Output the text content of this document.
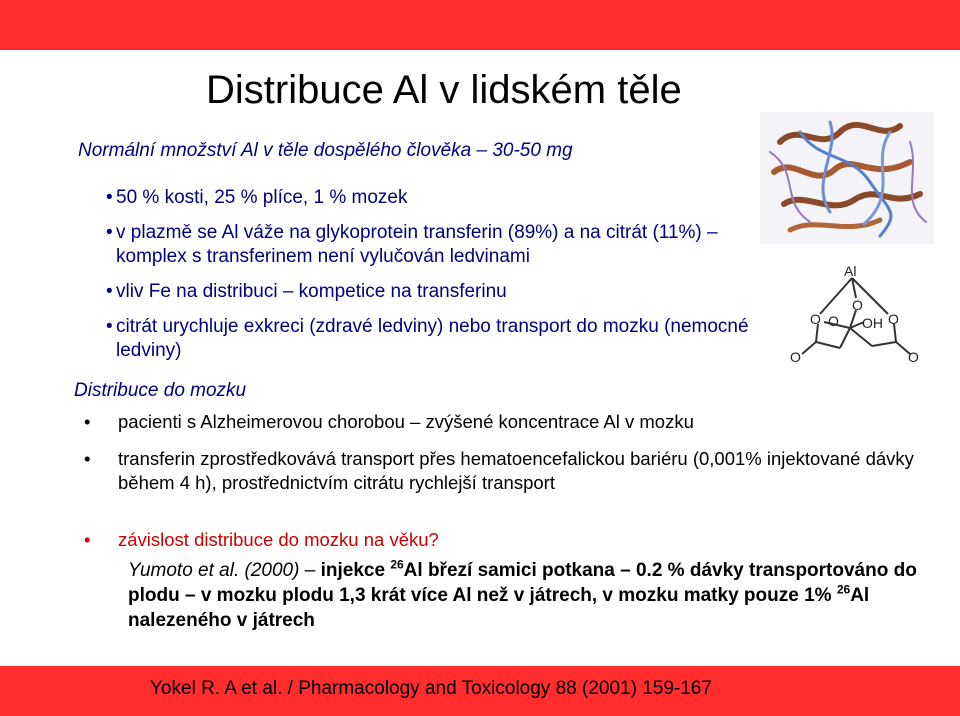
Distribuce Al v lidském těle
Normální množství Al v těle dospělého člověka – 30-50 mg
• 50 % kosti, 25 % plíce, 1 % mozek
• v plazmě se Al váže na glykoprotein transferin (89%) a na citrát (11%) – komplex s transferinem není vylučován ledvinami
• vliv Fe na distribuci – kompetice na transferinu
• citrát urychluje exkreci (zdravé ledviny) nebo transport do mozku (nemocné ledviny)
Distribuce do mozku
• pacienti s Alzheimerovou chorobou – zvýšené koncentrace Al v mozku
• transferin zprostředkovává transport přes hematoencefalickou bariéru (0,001% injektované dávky během 4 h), prostřednictvím citrátu rychlejší transport
• závislost distribuce do mozku na věku?
Yumoto et al. (2000) – injekce $^{26}$Al březí samici potkana – 0.2 % dávky transportováno do plodu – v mozku plodu 1,3 krát více Al než v játrech, v mozku matky pouze 1% $^{26}$Al nalezeného v játrech
Al
O
O O OH O
O	O
Yokel R. A et al. / Pharmacology and Toxicology 88 (2001) 159-167
